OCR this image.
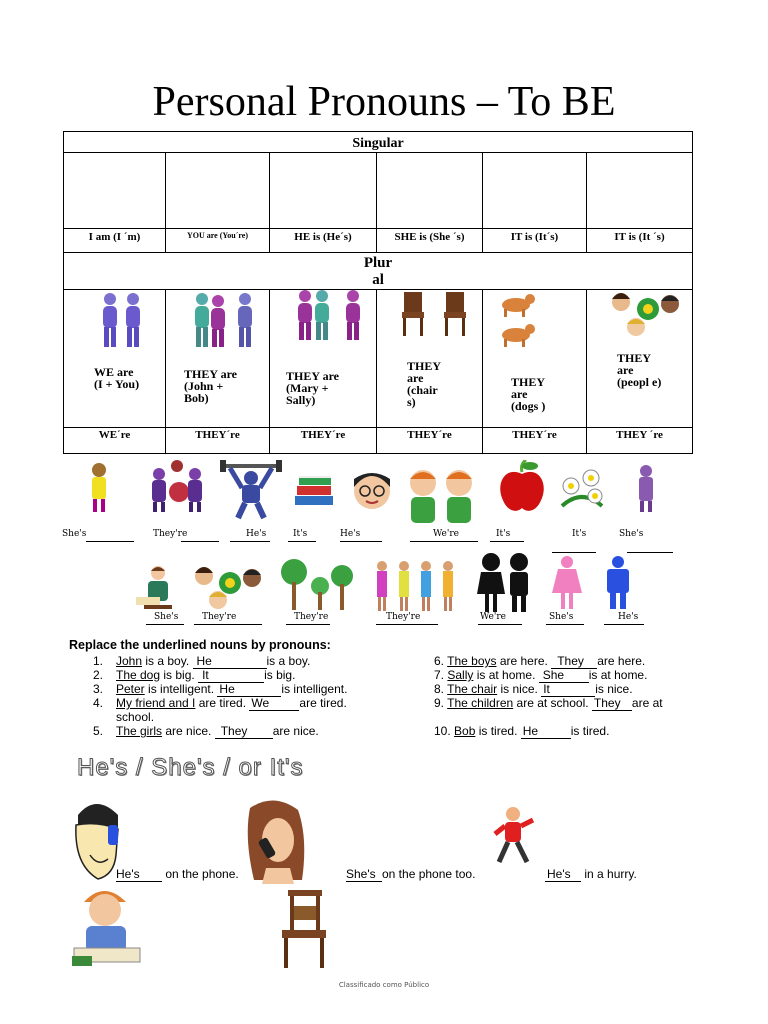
Personal Pronouns – To BE
Singular					

I am (I ´m)	YOU are (You´re)	HE is (He´s)	SHE is (She ´s)	IT is (It´s)	IT is (It ´s)

Plur
al					

WE are (I + You)	THEY are (John + Bob)	THEY are (Mary + Sally)	THEY are (chair s)	THEY are (dogs )	THEY are (peopl e)

WE´re	THEY´re	THEY´re	THEY´re	THEY´re	THEY ´re
She's	They're	He's	It's	He's	We're	It's	It's	She's
She's	They're	They're	They're	We're	She's	He's
Replace the underlined nouns by pronouns:
1. John is a boy. He	is a boy.
2. The dog is big. It	is big.
3. Peter is intelligent. He	is intelligent.
4. My friend and I are tired. We	are tired.
school.
5. The girls are nice. They are nice.
6. The boys are here. They are here.
7. Sally is at home. She is at home.
8. The chair is nice. It	is nice.
9. The children are at school. They are at
10. Bob is tired. He	is tired.
He's / She's / or It's
He's on the phone.	She's on the phone too.	He's in a hurry.
Classificado como Público
